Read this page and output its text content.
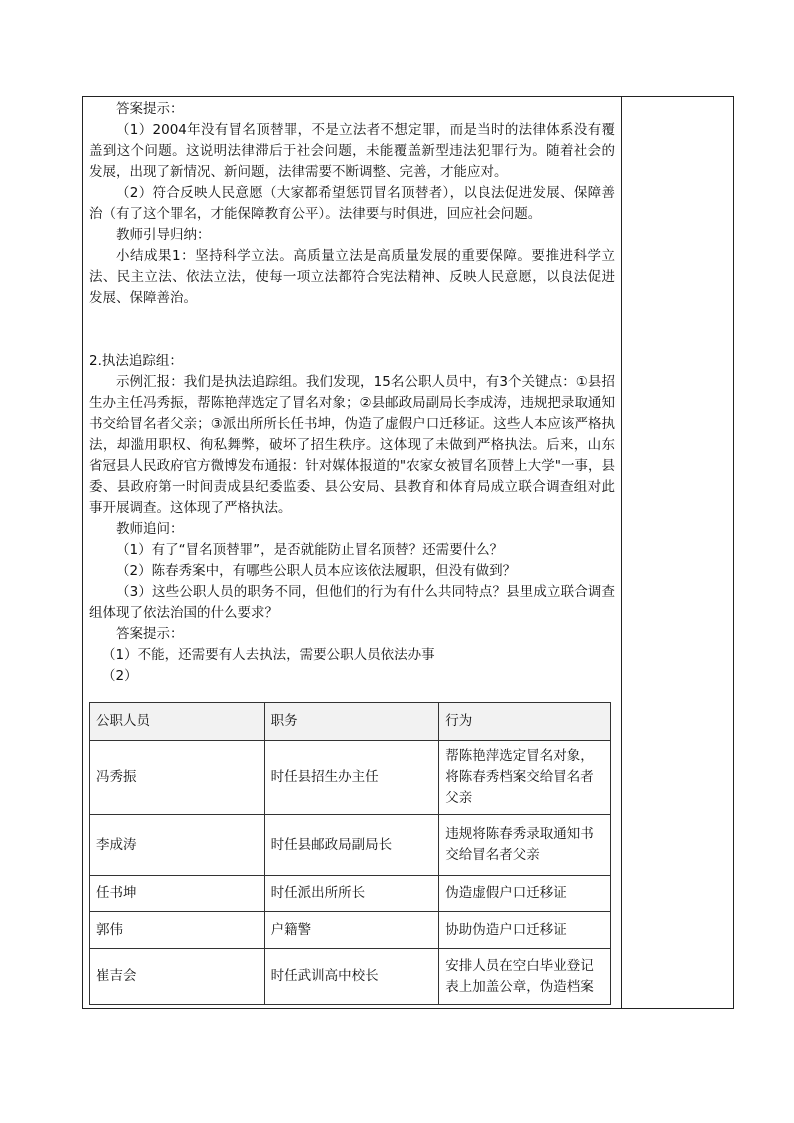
答案提示：

（1）2004年没有冒名顶替罪，不是立法者不想定罪，而是当时的法律体系没有覆盖到这个问题。这说明法律滞后于社会问题，未能覆盖新型违法犯罪行为。随着社会的发展，出现了新情况、新问题，法律需要不断调整、完善，才能应对。

（2）符合反映人民意愿（大家都希望惩罚冒名顶替者），以良法促进发展、保障善治（有了这个罪名，才能保障教育公平）。法律要与时俱进，回应社会问题。

教师引导归纳：

小结成果1：坚持科学立法。高质量立法是高质量发展的重要保障。要推进科学立法、民主立法、依法立法，使每一项立法都符合宪法精神、反映人民意愿，以良法促进发展、保障善治。

2.执法追踪组：

示例汇报：我们是执法追踪组。我们发现，15名公职人员中，有3个关键点：①县招生办主任冯秀振，帮陈艳萍选定了冒名对象；②县邮政局副局长李成涛，违规把录取通知书交给冒名者父亲；③派出所所长任书坤，伪造了虚假户口迁移证。这些人本应该严格执法，却滥用职权、徇私舞弊，破坏了招生秩序。这体现了未做到严格执法。后来，山东省冠县人民政府官方微博发布通报：针对媒体报道的"农家女被冒名顶替上大学"一事，县委、县政府第一时间责成县纪委监委、县公安局、县教育和体育局成立联合调查组对此事开展调查。这体现了严格执法。

教师追问：

（1）有了“冒名顶替罪”，是否就能防止冒名顶替？还需要什么？

（2）陈春秀案中，有哪些公职人员本应该依法履职，但没有做到？

（3）这些公职人员的职务不同，但他们的行为有什么共同特点？县里成立联合调查组体现了依法治国的什么要求？

答案提示：

（1）不能，还需要有人去执法，需要公职人员依法办事

（2）

公职人员	职务	行为
冯秀振	时任县招生办主任	帮陈艳萍选定冒名对象，将陈春秀档案交给冒名者父亲
李成涛	时任县邮政局副局长	违规将陈春秀录取通知书交给冒名者父亲
任书坤	时任派出所所长	伪造虚假户口迁移证
郭伟	户籍警	协助伪造户口迁移证
崔吉会	时任武训高中校长	安排人员在空白毕业登记表上加盖公章，伪造档案
